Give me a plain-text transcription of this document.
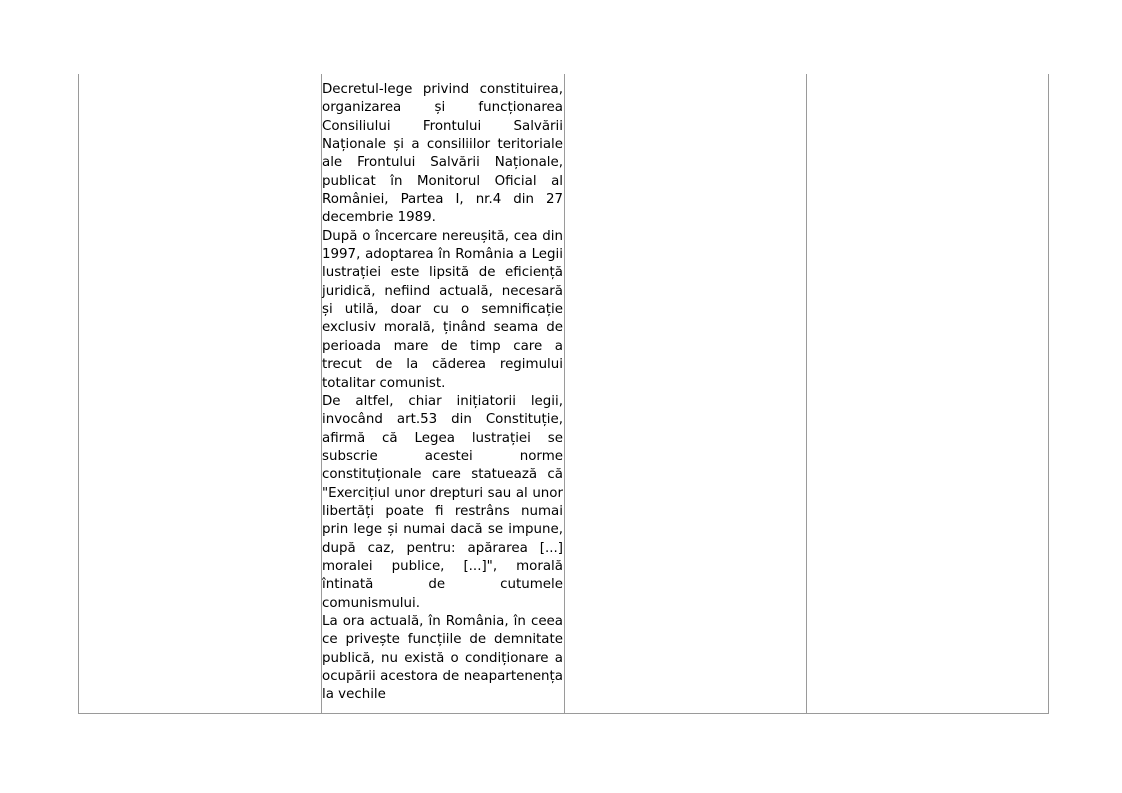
Decretul-lege privind constituirea, organizarea și funcționarea Consiliului Frontului Salvării Naționale și a consiliilor teritoriale ale Frontului Salvării Naționale, publicat în Monitorul Oficial al României, Partea I, nr.4 din 27 decembrie 1989.

După o încercare nereușită, cea din 1997, adoptarea în România a Legii lustrației este lipsită de eficiență juridică, nefiind actuală, necesară și utilă, doar cu o semnificație exclusiv morală, ținând seama de perioada mare de timp care a trecut de la căderea regimului totalitar comunist.

De altfel, chiar inițiatorii legii, invocând art.53 din Constituție, afirmă că Legea lustrației se subscrie acestei norme constituționale care statuează că "Exercițiul unor drepturi sau al unor libertăți poate fi restrâns numai prin lege și numai dacă se impune, după caz, pentru: apărarea [...] moralei publice, [...]", morală întinată de cutumele comunismului.

La ora actuală, în România, în ceea ce privește funcțiile de demnitate publică, nu există o condiționare a ocupării acestora de neapartenența la vechile
